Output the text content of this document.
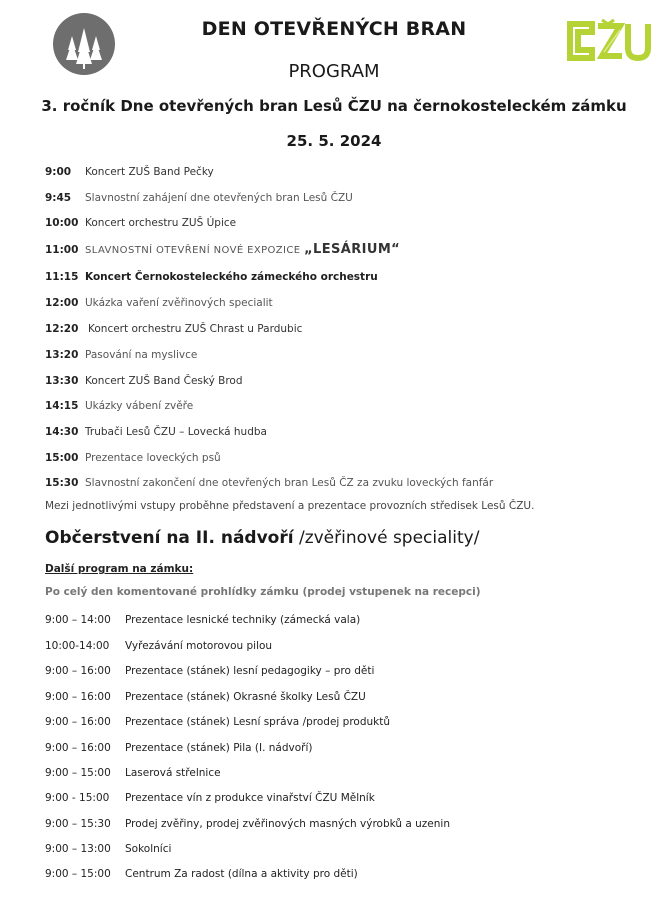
DEN OTEVŘENÝCH BRAN
PROGRAM
3. ročník Dne otevřených bran Lesů ČZU na černokosteleckém zámku
25. 5. 2024
9:00 Koncert ZUŠ Band Pečky
9:45 Slavnostní zahájení dne otevřených bran Lesů ČZU
10:00 Koncert orchestru ZUŠ Úpice
11:00 SLAVNOSTNÍ OTEVŘENÍ NOVÉ EXPOZICE „LESÁRIUM“
11:15 Koncert Černokosteleckého zámeckého orchestru
12:00 Ukázka vaření zvěřinových specialit
12:20 Koncert orchestru ZUŠ Chrast u Pardubic
13:20 Pasování na myslivce
13:30 Koncert ZUŠ Band Český Brod
14:15 Ukázky vábení zvěře
14:30 Trubači Lesů ČZU – Lovecká hudba
15:00 Prezentace loveckých psů
15:30 Slavnostní zakončení dne otevřených bran Lesů ČZ za zvuku loveckých fanfár
Mezi jednotlivými vstupy proběhne představení a prezentace provozních středisek Lesů ČZU.
Občerstvení na II. nádvoří /zvěřinové speciality/
Další program na zámku:
Po celý den komentované prohlídky zámku (prodej vstupenek na recepci)
9:00 – 14:00 Prezentace lesnické techniky (zámecká vala)
10:00-14:00 Vyřezávání motorovou pilou
9:00 – 16:00 Prezentace (stánek) lesní pedagogiky – pro děti
9:00 – 16:00 Prezentace (stánek) Okrasné školky Lesů ČZU
9:00 – 16:00 Prezentace (stánek) Lesní správa /prodej produktů
9:00 – 16:00 Prezentace (stánek) Pila (I. nádvoří)
9:00 – 15:00 Laserová střelnice
9:00 - 15:00 Prezentace vín z produkce vinařství ČZU Mělník
9:00 – 15:30 Prodej zvěřiny, prodej zvěřinových masných výrobků a uzenin
9:00 – 13:00 Sokolníci
9:00 – 15:00 Centrum Za radost (dílna a aktivity pro děti)
